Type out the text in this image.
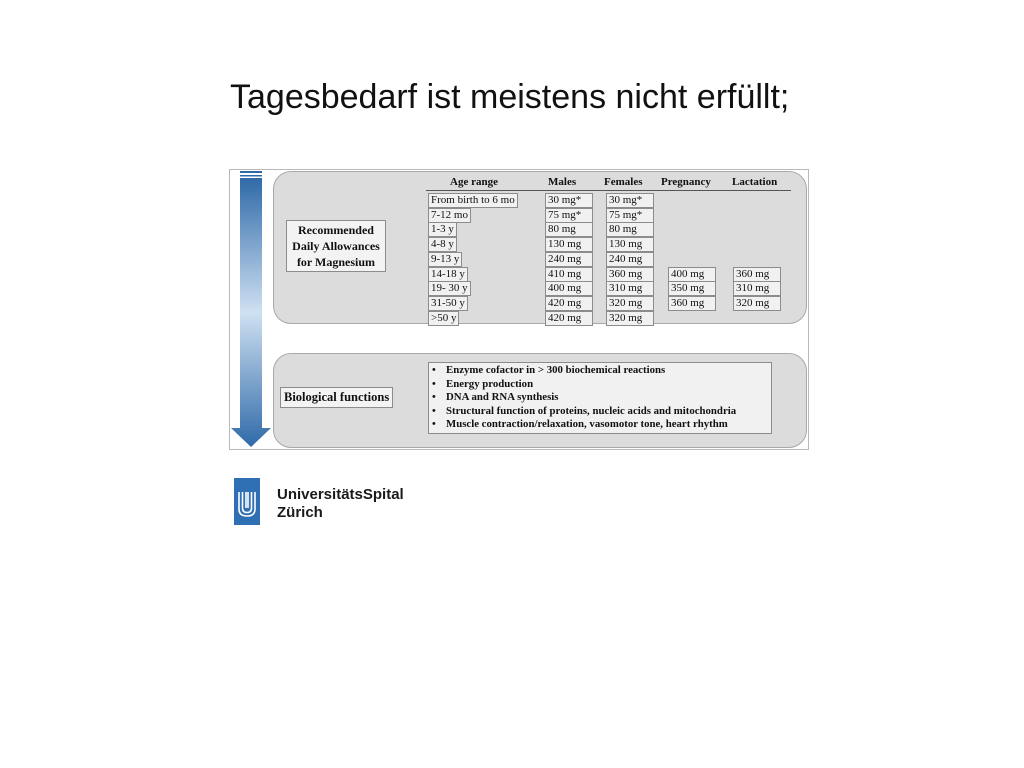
Tagesbedarf ist meistens nicht erfüllt;
Recommended
Daily Allowances
for Magnesium
Age range	Males	Females Pregnancy Lactation
From birth to 6 mo	30 mg*	30 mg*
7-12 mo	75 mg*	75 mg*
1-3 y	80 mg	80 mg
4-8 y	130 mg	130 mg
9-13 y	240 mg	240 mg
14-18 y	410 mg	360 mg	400 mg	360 mg
19- 30 y	400 mg	310 mg	350 mg	310 mg
31-50 y	420 mg	320 mg	360 mg	320 mg
>50 y	420 mg	320 mg
Biological functions
• Enzyme cofactor in > 300 biochemical reactions
• Energy production
• DNA and RNA synthesis
• Structural function of proteins, nucleic acids and mitochondria
• Muscle contraction/relaxation, vasomotor tone, heart rhythm
UniversitätsSpital
Zürich
